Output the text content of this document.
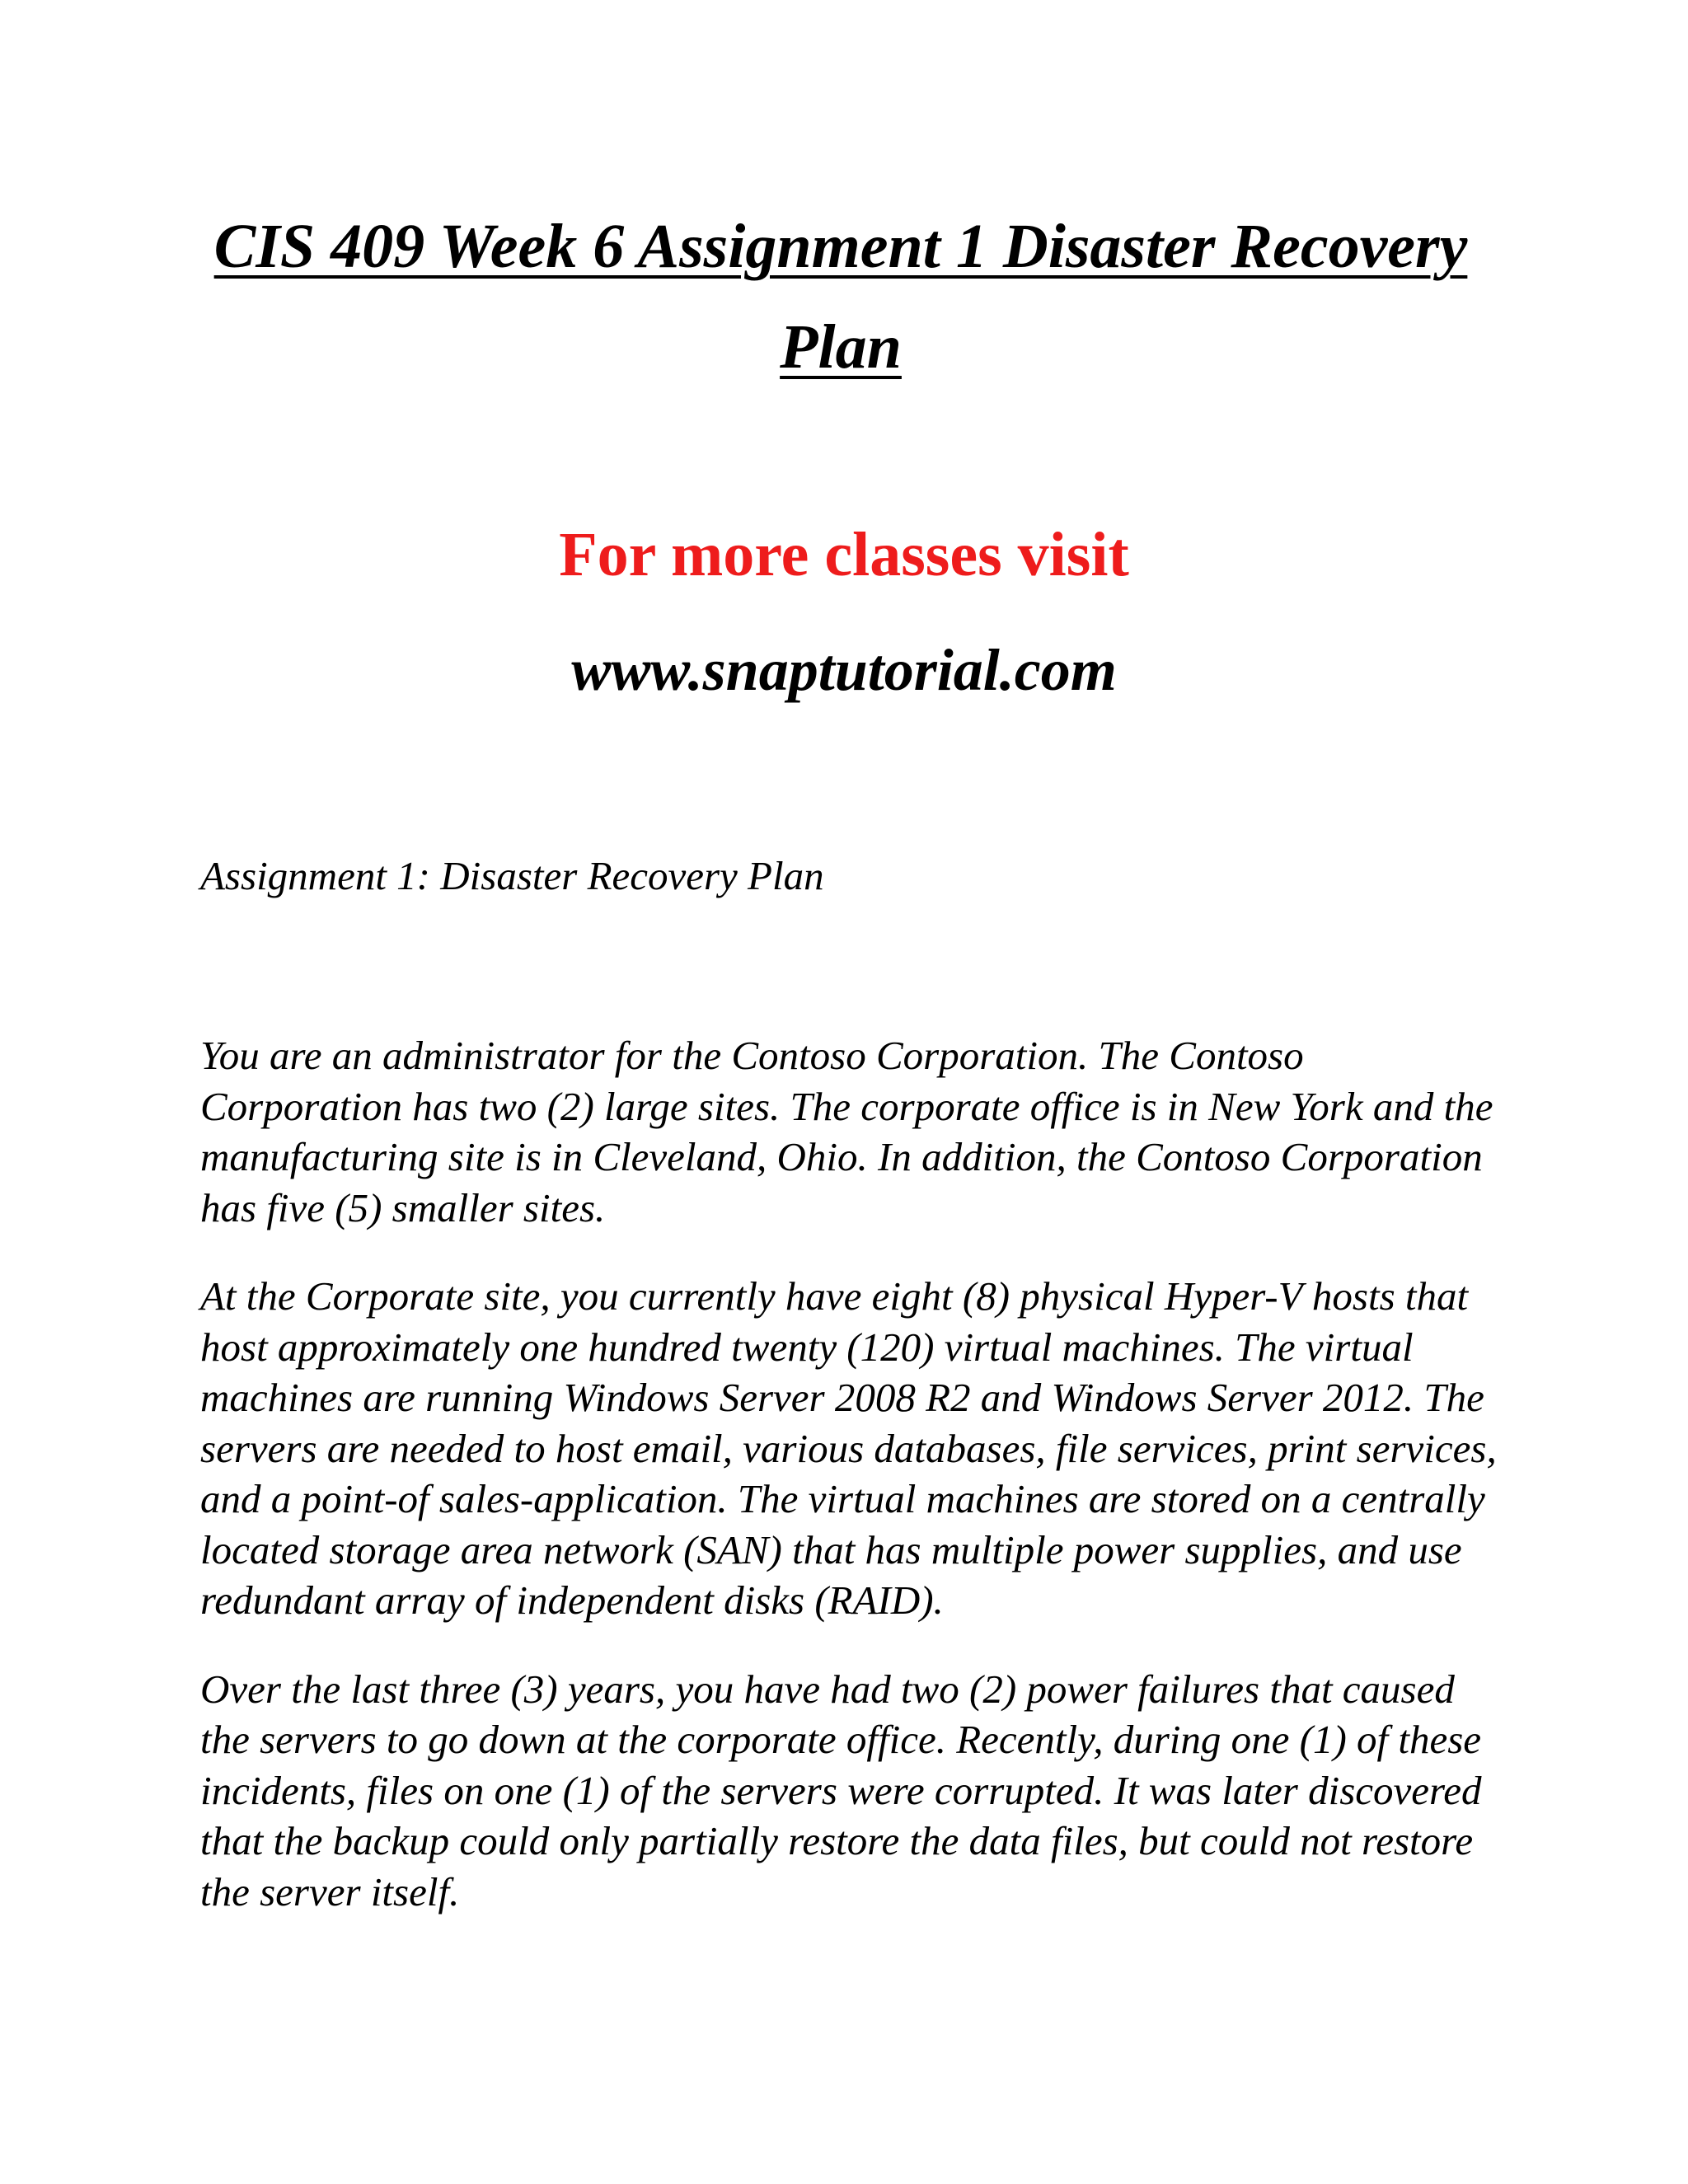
CIS 409 Week 6 Assignment 1 Disaster Recovery Plan

For more classes visit

www.snaptutorial.com

Assignment 1: Disaster Recovery Plan

You are an administrator for the Contoso Corporation. The Contoso Corporation has two (2) large sites. The corporate office is in New York and the manufacturing site is in Cleveland, Ohio. In addition, the Contoso Corporation has five (5) smaller sites.

At the Corporate site, you currently have eight (8) physical Hyper-V hosts that host approximately one hundred twenty (120) virtual machines. The virtual machines are running Windows Server 2008 R2 and Windows Server 2012. The servers are needed to host email, various databases, file services, print services, and a point-of sales-application. The virtual machines are stored on a centrally located storage area network (SAN) that has multiple power supplies, and use redundant array of independent disks (RAID).

Over the last three (3) years, you have had two (2) power failures that caused the servers to go down at the corporate office. Recently, during one (1) of these incidents, files on one (1) of the servers were corrupted. It was later discovered that the backup could only partially restore the data files, but could not restore the server itself.
